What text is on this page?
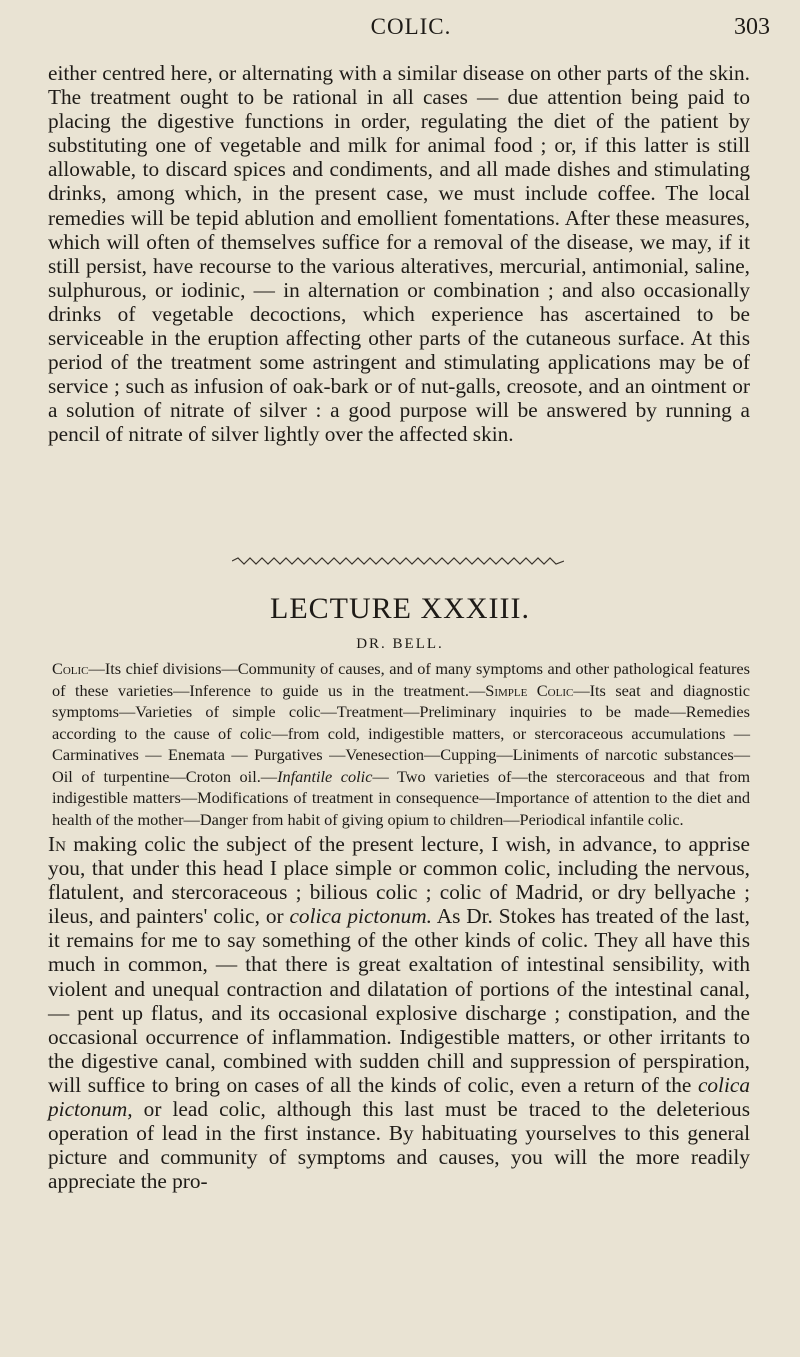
COLIC.	303

either centred here, or alternating with a similar disease on other parts of the skin. The treatment ought to be rational in all cases — due attention being paid to placing the digestive functions in order, regulating the diet of the patient by substituting one of vegetable and milk for animal food ; or, if this latter is still allowable, to discard spices and condiments, and all made dishes and stimulating drinks, among which, in the present case, we must include coffee. The local remedies will be tepid ablution and emollient fomentations. After these measures, which will often of themselves suffice for a removal of the disease, we may, if it still persist, have recourse to the various alteratives, mercurial, antimonial, saline, sulphurous, or iodinic, — in alternation or combination ; and also occasionally drinks of vegetable decoctions, which experience has ascertained to be serviceable in the eruption affecting other parts of the cutaneous surface. At this period of the treatment some astringent and stimulating applications may be of service ; such as infusion of oak-bark or of nut-galls, creosote, and an ointment or a solution of nitrate of silver : a good purpose will be answered by running a pencil of nitrate of silver lightly over the affected skin.

LECTURE XXXIII.

DR. BELL.

Colic—Its chief divisions—Community of causes, and of many symptoms and other pathological features of these varieties—Inference to guide us in the treatment.—Simple Colic—Its seat and diagnostic symptoms—Varieties of simple colic—Treatment—Preliminary inquiries to be made—Remedies according to the cause of colic—from cold, indigestible matters, or stercoraceous accumulations —Carminatives — Enemata — Purgatives —Venesection—Cupping—Liniments of narcotic substances—Oil of turpentine—Croton oil.—Infantile colic— Two varieties of—the stercoraceous and that from indigestible matters—Modifications of treatment in consequence—Importance of attention to the diet and health of the mother—Danger from habit of giving opium to children—Periodical infantile colic.

In making colic the subject of the present lecture, I wish, in advance, to apprise you, that under this head I place simple or common colic, including the nervous, flatulent, and stercoraceous ; bilious colic ; colic of Madrid, or dry bellyache ; ileus, and painters' colic, or colica pictonum. As Dr. Stokes has treated of the last, it remains for me to say something of the other kinds of colic. They all have this much in common, — that there is great exaltation of intestinal sensibility, with violent and unequal contraction and dilatation of portions of the intestinal canal, — pent up flatus, and its occasional explosive discharge ; constipation, and the occasional occurrence of inflammation. Indigestible matters, or other irritants to the digestive canal, combined with sudden chill and suppression of perspiration, will suffice to bring on cases of all the kinds of colic, even a return of the colica pictonum, or lead colic, although this last must be traced to the deleterious operation of lead in the first instance. By habituating yourselves to this general picture and community of symptoms and causes, you will the more readily appreciate the pro-
